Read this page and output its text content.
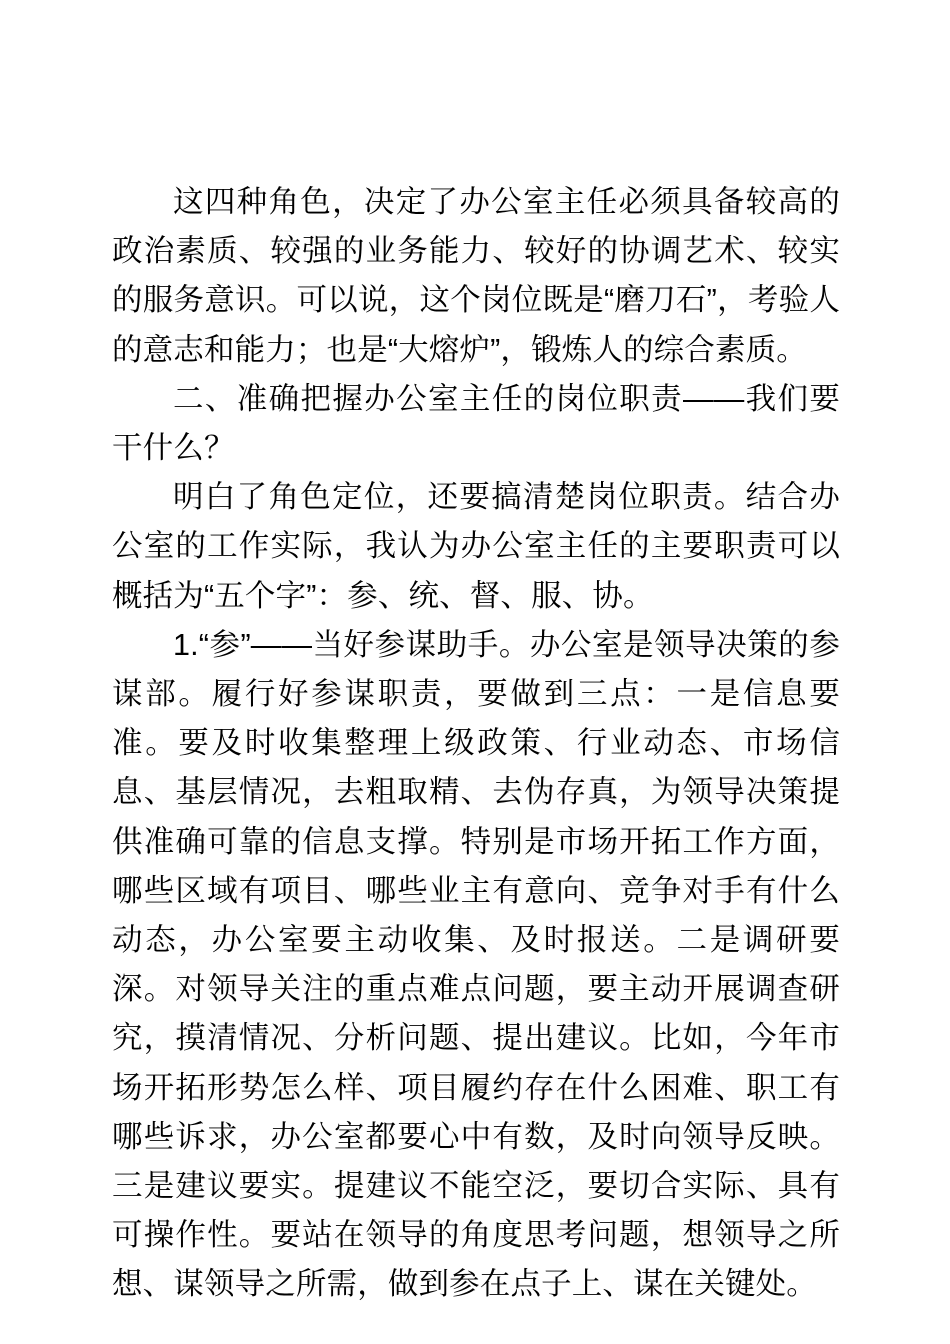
这四种角色，决定了办公室主任必须具备较高的政治素质、较强的业务能力、较好的协调艺术、较实的服务意识。可以说，这个岗位既是“磨刀石”，考验人的意志和能力；也是“大熔炉”，锻炼人的综合素质。

二、准确把握办公室主任的岗位职责——我们要干什么？

明白了角色定位，还要搞清楚岗位职责。结合办公室的工作实际，我认为办公室主任的主要职责可以概括为“五个字”：参、统、督、服、协。

1.“参”——当好参谋助手。办公室是领导决策的参谋部。履行好参谋职责，要做到三点：一是信息要准。要及时收集整理上级政策、行业动态、市场信息、基层情况，去粗取精、去伪存真，为领导决策提供准确可靠的信息支撑。特别是市场开拓工作方面，哪些区域有项目、哪些业主有意向、竞争对手有什么动态，办公室要主动收集、及时报送。二是调研要深。对领导关注的重点难点问题，要主动开展调查研究，摸清情况、分析问题、提出建议。比如，今年市场开拓形势怎么样、项目履约存在什么困难、职工有哪些诉求，办公室都要心中有数，及时向领导反映。三是建议要实。提建议不能空泛，要切合实际、具有可操作性。要站在领导的角度思考问题，想领导之所想、谋领导之所需，做到参在点子上、谋在关键处。
